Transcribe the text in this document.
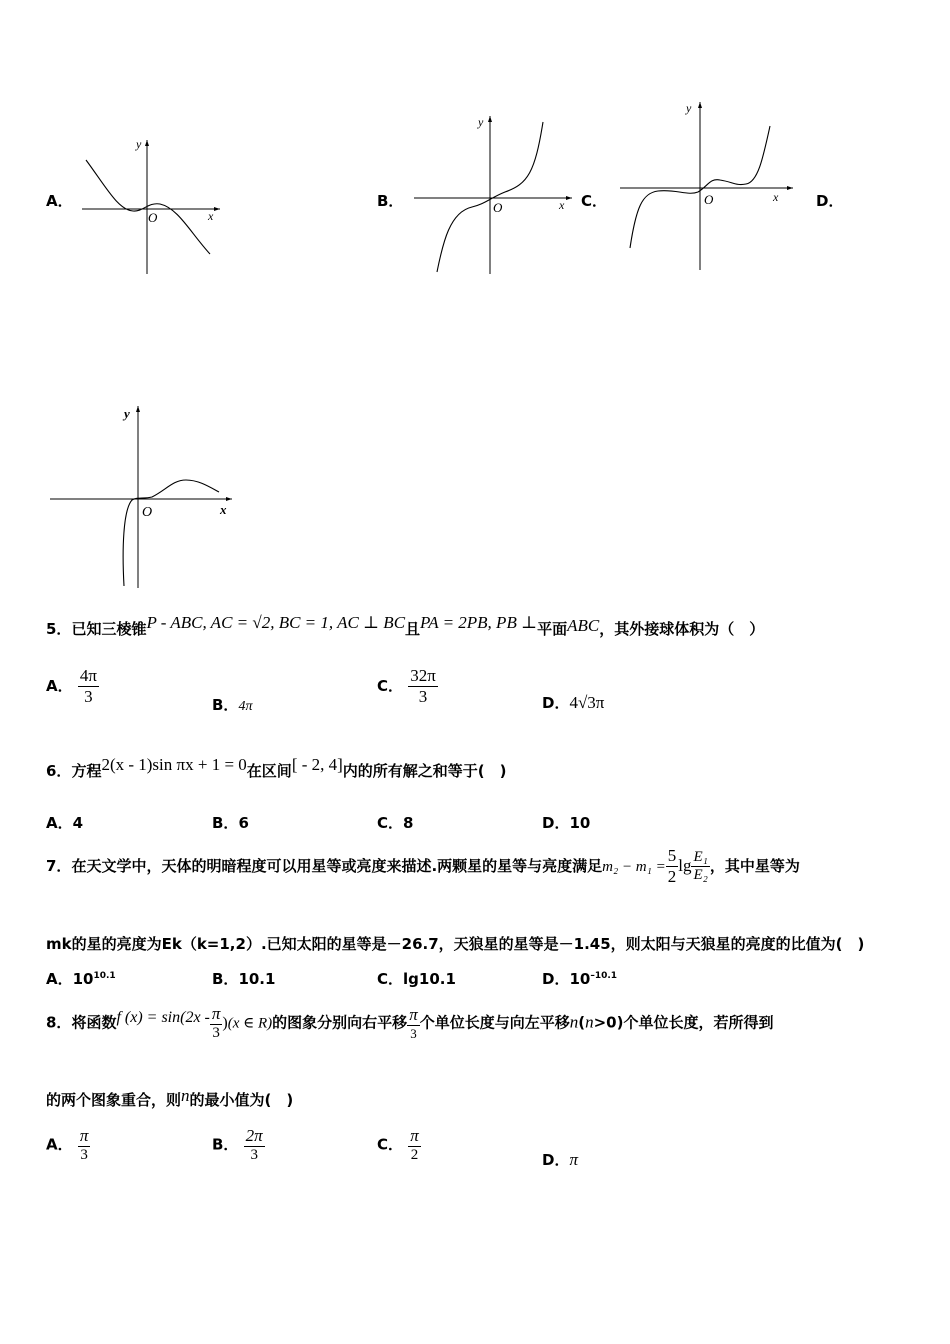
A．
y
x
O
B．
y
x
O	C．
y
x
O	D．
y
x
O
5．已知三棱锥P - ABC, AC = √2, BC = 1, AC ⊥ BC且PA = 2PB, PB ⊥平面ABC，其外接球体积为（　）
A． $\frac{4\pi}{3}$	B．4π
C． $\frac{32\pi}{3}$	D．4√3π
6．方程2(x - 1)sin πx + 1 = 0在区间[ - 2, 4]内的所有解之和等于(　)
A．4	B．6	C．8	D．10
7．在天文学中，天体的明暗程度可以用星等或亮度来描述.两颗星的星等与亮度满足$m_2 - m_1 = \frac{5}{2}$ $\lg \frac{\text{E₁}}{\text{E₂}}$ ，其中星等为
mk的星的亮度为Ek（k=1,2）.已知太阳的星等是－26.7，天狼星的星等是－1.45，则太阳与天狼星的亮度的比值为(　)
A．$10^{10.1}$	B．10.1	C．lg10.1	D．$10^{-10.1}$
8．将函数f $(x) = \sin(2x - \frac{\pi}{3} )(x$ ∈ R)的图象分别向右平移 $\frac{\pi}{3}$ 个单位长度与向左平移n(n>0)个单位长度，若所得到
的两个图象重合，则n的最小值为(　)
A． $\frac{\pi}{3}$	B． $\frac{2\pi}{3}$	C． $\frac{\pi}{2}$	D．π
